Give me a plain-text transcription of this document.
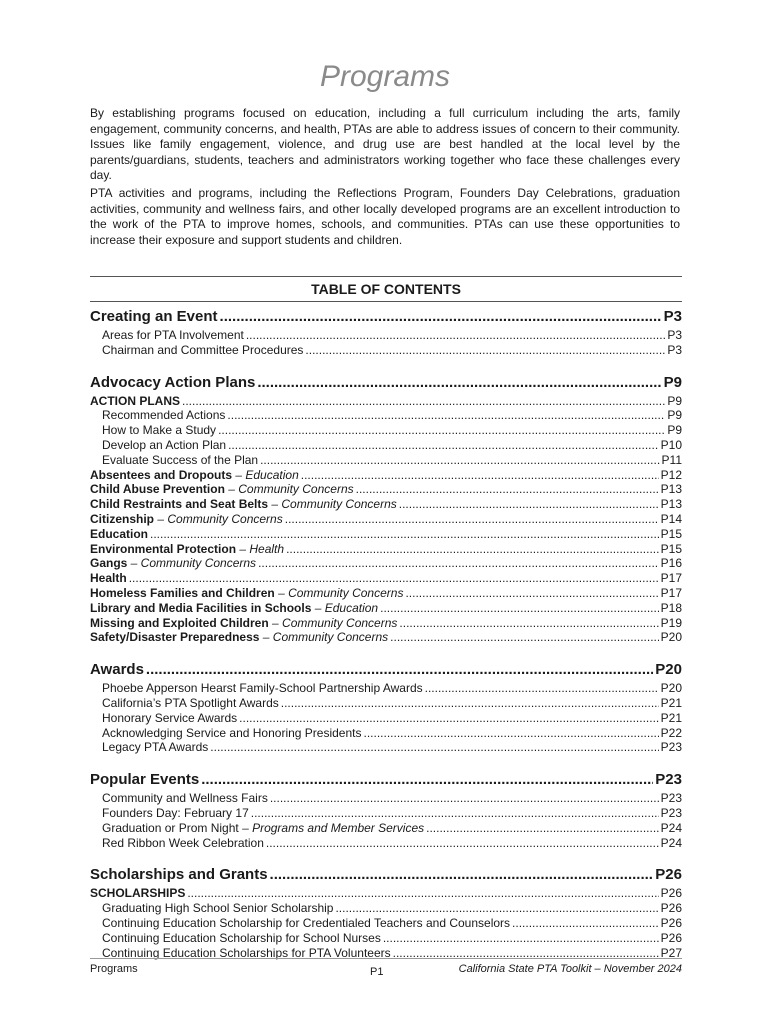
Programs

By establishing programs focused on education, including a full curriculum including the arts, family engagement, community concerns, and health, PTAs are able to address issues of concern to their community. Issues like family engagement, violence, and drug use are best handled at the local level by the parents/guardians, students, teachers and administrators working together who face these challenges every day.

PTA activities and programs, including the Reflections Program, Founders Day Celebrations, graduation activities, community and wellness fairs, and other locally developed programs are an excellent introduction to the work of the PTA to improve homes, schools, and communities. PTAs can use these opportunities to increase their exposure and support students and children.

TABLE OF CONTENTS
Creating an Event .....	P3
Areas for PTA Involvement .....	P3
Chairman and Committee Procedures .....	P3
Advocacy Action Plans .....	P9
ACTION PLANS .....	P9
Recommended Actions .....	P9
How to Make a Study .....	P9
Develop an Action Plan .....	P10
Evaluate Success of the Plan .....	P11
Absentees and Dropouts – Education .....	P12
Child Abuse Prevention – Community Concerns .....	P13
Child Restraints and Seat Belts – Community Concerns .....	P13
Citizenship – Community Concerns .....	P14
Education .....	P15
Environmental Protection – Health .....	P15
Gangs – Community Concerns .....	P16
Health .....	P17
Homeless Families and Children – Community Concerns .....	P17
Library and Media Facilities in Schools – Education .....	P18
Missing and Exploited Children – Community Concerns .....	P19
Safety/Disaster Preparedness – Community Concerns .....	P20
Awards .....	P20
Phoebe Apperson Hearst Family-School Partnership Awards .....	P20
California’s PTA Spotlight Awards .....	P21
Honorary Service Awards .....	P21
Acknowledging Service and Honoring Presidents .....	P22
Legacy PTA Awards .....	P23
Popular Events .....	P23
Community and Wellness Fairs .....	P23
Founders Day: February 17 .....	P23
Graduation or Prom Night – Programs and Member Services .....	P24
Red Ribbon Week Celebration .....	P24
Scholarships and Grants .....	P26
SCHOLARSHIPS .....	P26
Graduating High School Senior Scholarship .....	P26
Continuing Education Scholarship for Credentialed Teachers and Counselors .....	P26
Continuing Education Scholarship for School Nurses .....	P26
Continuing Education Scholarships for PTA Volunteers .....	P27
Programs	P1	California State PTA Toolkit – November 2024
